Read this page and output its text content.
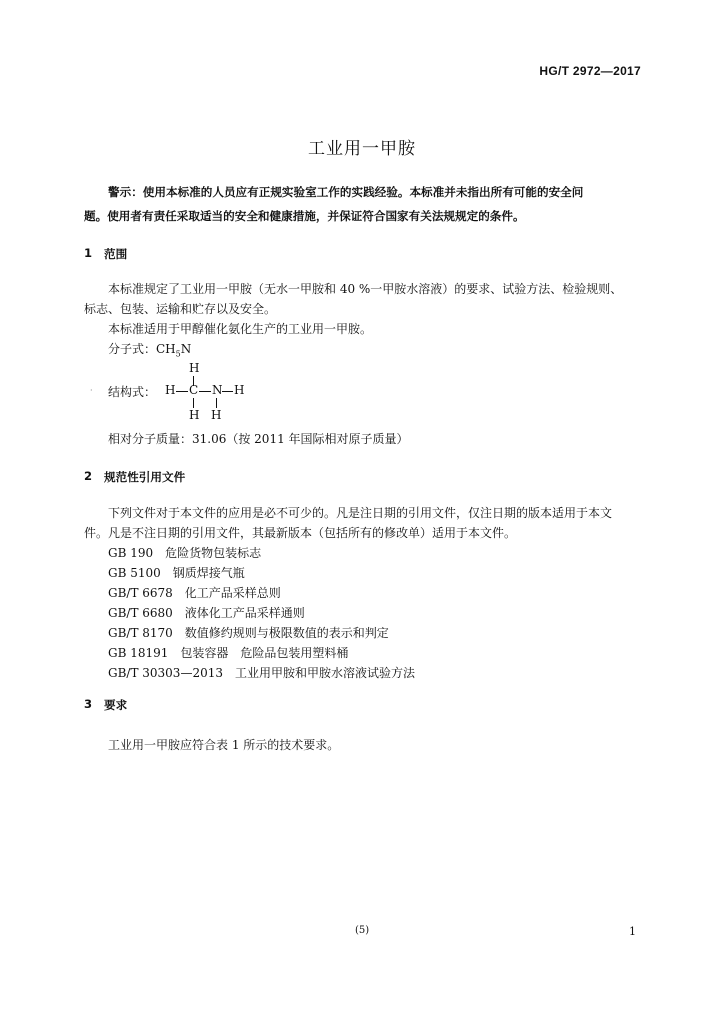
HG/T 2972—2017
工业用一甲胺
警示：使用本标准的人员应有正规实验室工作的实践经验。本标准并未指出所有可能的安全问
题。使用者有责任采取适当的安全和健康措施，并保证符合国家有关法规规定的条件。
1 范围
本标准规定了工业用一甲胺（无水一甲胺和 40 %一甲胺水溶液）的要求、试验方法、检验规则、
标志、包装、运输和贮存以及安全。
本标准适用于甲醇催化氨化生产的工业用一甲胺。
分子式：$CH_5N$
· 结构式：
H
H C N H
H H
相对分子质量：31.06（按 2011 年国际相对原子质量）
2 规范性引用文件
下列文件对于本文件的应用是必不可少的。凡是注日期的引用文件，仅注日期的版本适用于本文
件。凡是不注日期的引用文件，其最新版本（包括所有的修改单）适用于本文件。
GB 190　危险货物包装标志
GB 5100　钢质焊接气瓶
GB/T 6678　化工产品采样总则
GB/T 6680　液体化工产品采样通则
GB/T 8170　数值修约规则与极限数值的表示和判定
GB 18191　包装容器　危险品包装用塑料桶
GB/T 30303—2013　工业用甲胺和甲胺水溶液试验方法
3 要求
工业用一甲胺应符合表 1 所示的技术要求。
(5)	1
